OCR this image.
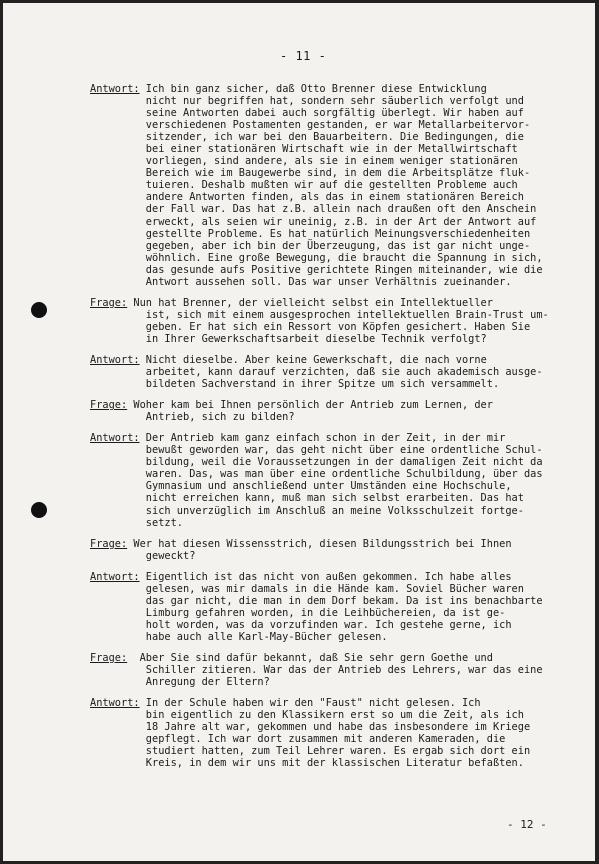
- 11 -
Antwort: Ich bin ganz sicher, daß Otto Brenner diese Entwicklung
nicht nur begriffen hat, sondern sehr säuberlich verfolgt und
seine Antworten dabei auch sorgfältig überlegt. Wir haben auf
verschiedenen Postamenten gestanden, er war Metallarbeitervor-
sitzender, ich war bei den Bauarbeitern. Die Bedingungen, die
bei einer stationären Wirtschaft wie in der Metallwirtschaft
vorliegen, sind andere, als sie in einem weniger stationären
Bereich wie im Baugewerbe sind, in dem die Arbeitsplätze fluk-
tuieren. Deshalb mußten wir auf die gestellten Probleme auch
andere Antworten finden, als das in einem stationären Bereich
der Fall war. Das hat z.B. allein nach draußen oft den Anschein
erweckt, als seien wir uneinig, z.B. in der Art der Antwort auf
gestellte Probleme. Es hat natürlich Meinungsverschiedenheiten
gegeben, aber ich bin der Überzeugung, das ist gar nicht unge-
wöhnlich. Eine große Bewegung, die braucht die Spannung in sich,
das gesunde aufs Positive gerichtete Ringen miteinander, wie die
Antwort aussehen soll. Das war unser Verhältnis zueinander.
Frage: Nun hat Brenner, der vielleicht selbst ein Intellektueller
ist, sich mit einem ausgesprochen intellektuellen Brain-Trust um-
geben. Er hat sich ein Ressort von Köpfen gesichert. Haben Sie
in Ihrer Gewerkschaftsarbeit dieselbe Technik verfolgt?
Antwort: Nicht dieselbe. Aber keine Gewerkschaft, die nach vorne
arbeitet, kann darauf verzichten, daß sie auch akademisch ausge-
bildeten Sachverstand in ihrer Spitze um sich versammelt.
Frage: Woher kam bei Ihnen persönlich der Antrieb zum Lernen, der
Antrieb, sich zu bilden?
Antwort: Der Antrieb kam ganz einfach schon in der Zeit, in der mir
bewußt geworden war, das geht nicht über eine ordentliche Schul-
bildung, weil die Voraussetzungen in der damaligen Zeit nicht da
waren. Das, was man über eine ordentliche Schulbildung, über das
Gymnasium und anschließend unter Umständen eine Hochschule,
nicht erreichen kann, muß man sich selbst erarbeiten. Das hat
sich unverzüglich im Anschluß an meine Volksschulzeit fortge-
setzt.
Frage: Wer hat diesen Wissensstrich, diesen Bildungsstrich bei Ihnen
geweckt?
Antwort: Eigentlich ist das nicht von außen gekommen. Ich habe alles
gelesen, was mir damals in die Hände kam. Soviel Bücher waren
das gar nicht, die man in dem Dorf bekam. Da ist ins benachbarte
Limburg gefahren worden, in die Leihbüchereien, da ist ge-
holt worden, was da vorzufinden war. Ich gestehe gerne, ich
habe auch alle Karl-May-Bücher gelesen.
Frage:  Aber Sie sind dafür bekannt, daß Sie sehr gern Goethe und
Schiller zitieren. War das der Antrieb des Lehrers, war das eine
Anregung der Eltern?
Antwort: In der Schule haben wir den "Faust" nicht gelesen. Ich
bin eigentlich zu den Klassikern erst so um die Zeit, als ich
18 Jahre alt war, gekommen und habe das insbesondere im Kriege
gepflegt. Ich war dort zusammen mit anderen Kameraden, die
studiert hatten, zum Teil Lehrer waren. Es ergab sich dort ein
Kreis, in dem wir uns mit der klassischen Literatur befaßten.
- 12 -
